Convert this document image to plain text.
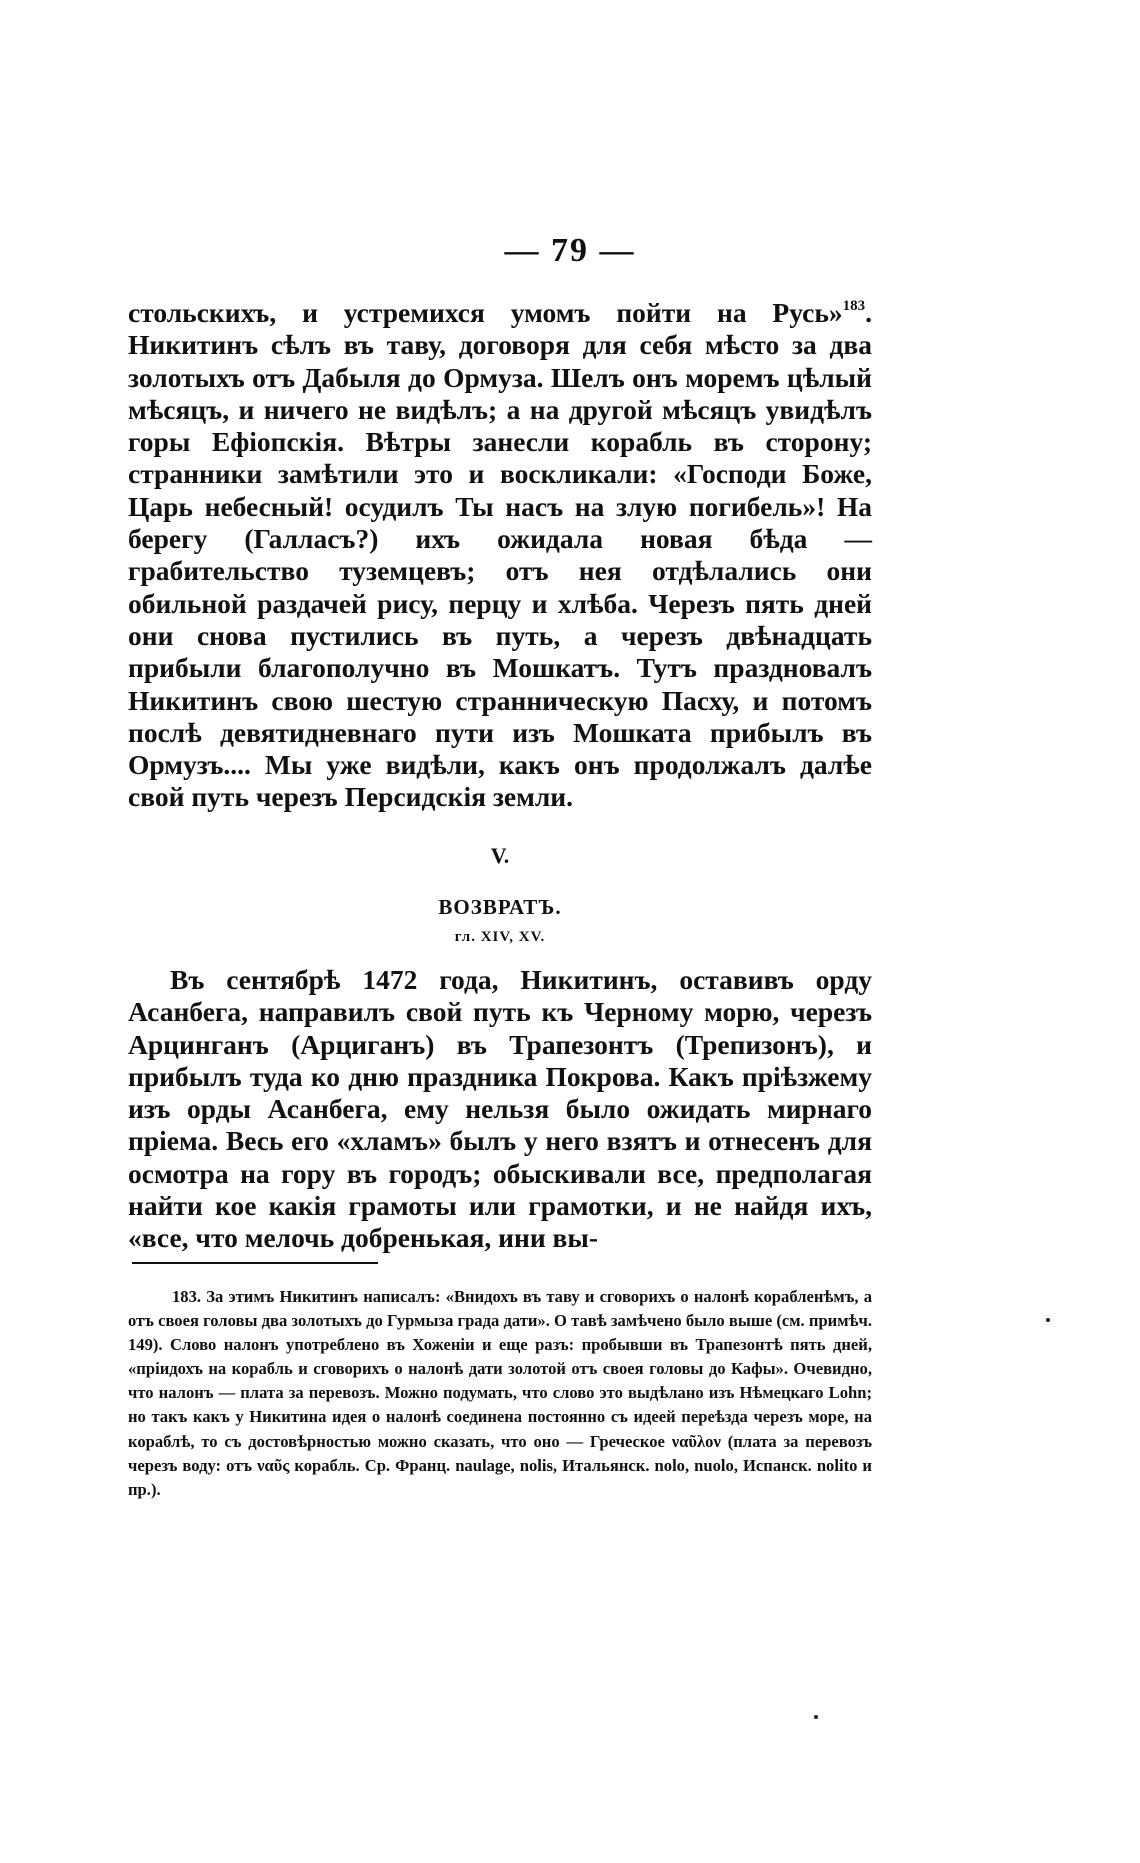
— 79 —

стольскихъ, и устремихся умомъ пойти на Русь»$^{183}$. Никитинъ сѣлъ въ таву, договоря для себя мѣсто за два золотыхъ отъ Дабыля до Ормуза. Шелъ онъ моремъ цѣлый мѣсяцъ, и ничего не видѣлъ; а на другой мѣсяцъ увидѣлъ горы Ефіопскія. Вѣтры занесли корабль въ сторону; странники замѣтили это и воскликали: «Господи Боже, Царь небесный! осудилъ Ты насъ на злую погибель»! На берегу (Галласъ?) ихъ ожидала новая бѣда — грабительство туземцевъ; отъ нея отдѣлались они обильной раздачей рису, перцу и хлѣба. Черезъ пять дней они снова пустились въ путь, а черезъ двѣнадцать прибыли благополучно въ Мошкатъ. Тутъ праздновалъ Никитинъ свою шестую странническую Пасху, и потомъ послѣ девятидневнаго пути изъ Мошката прибылъ въ Ормузъ.... Мы уже видѣли, какъ онъ продолжалъ далѣе свой путь черезъ Персидскія земли.

V.
ВОЗВРАТЪ.
гл. XIV, XV.

Въ сентябрѣ 1472 года, Никитинъ, оставивъ орду Асанбега, направилъ свой путь къ Черному морю, черезъ Арцинганъ (Арциганъ) въ Трапезонтъ (Трепизонъ), и прибылъ туда ко дню праздника Покрова. Какъ пріѣзжему изъ орды Асанбега, ему нельзя было ожидать мирнаго пріема. Весь его «хламъ» былъ у него взятъ и отнесенъ для осмотра на гору въ городъ; обыскивали все, предполагая найти кое какія грамоты или грамотки, и не найдя ихъ, «все, что мелочь добренькая, ини вы-

183. За этимъ Никитинъ написалъ: «Внидохъ въ таву и сговорихъ о налонѣ корабленѣмъ, а отъ своея головы два золотыхъ до Гурмыза града дати». О тавѣ замѣчено было выше (см. примѣч. 149). Слово налонъ употреблено въ Хоженіи и еще разъ: пробывши въ Трапезонтѣ пять дней, «пріидохъ на корабль и сговорихъ о налонѣ дати золотой отъ своея головы до Кафы». Очевидно, что налонъ — плата за перевозъ. Можно подумать, что слово это выдѣлано изъ Нѣмецкаго Lohn; но такъ какъ у Никитина идея о налонѣ соединена постоянно съ идеей переѣзда черезъ море, на кораблѣ, то съ достовѣрностью можно сказать, что оно — Греческое ναῦλον (плата за перевозъ черезъ воду: отъ ναῦς корабль. Ср. Франц. naulage, nolis, Итальянск. nolo, nuolo, Испанск. nolito и пр.).
